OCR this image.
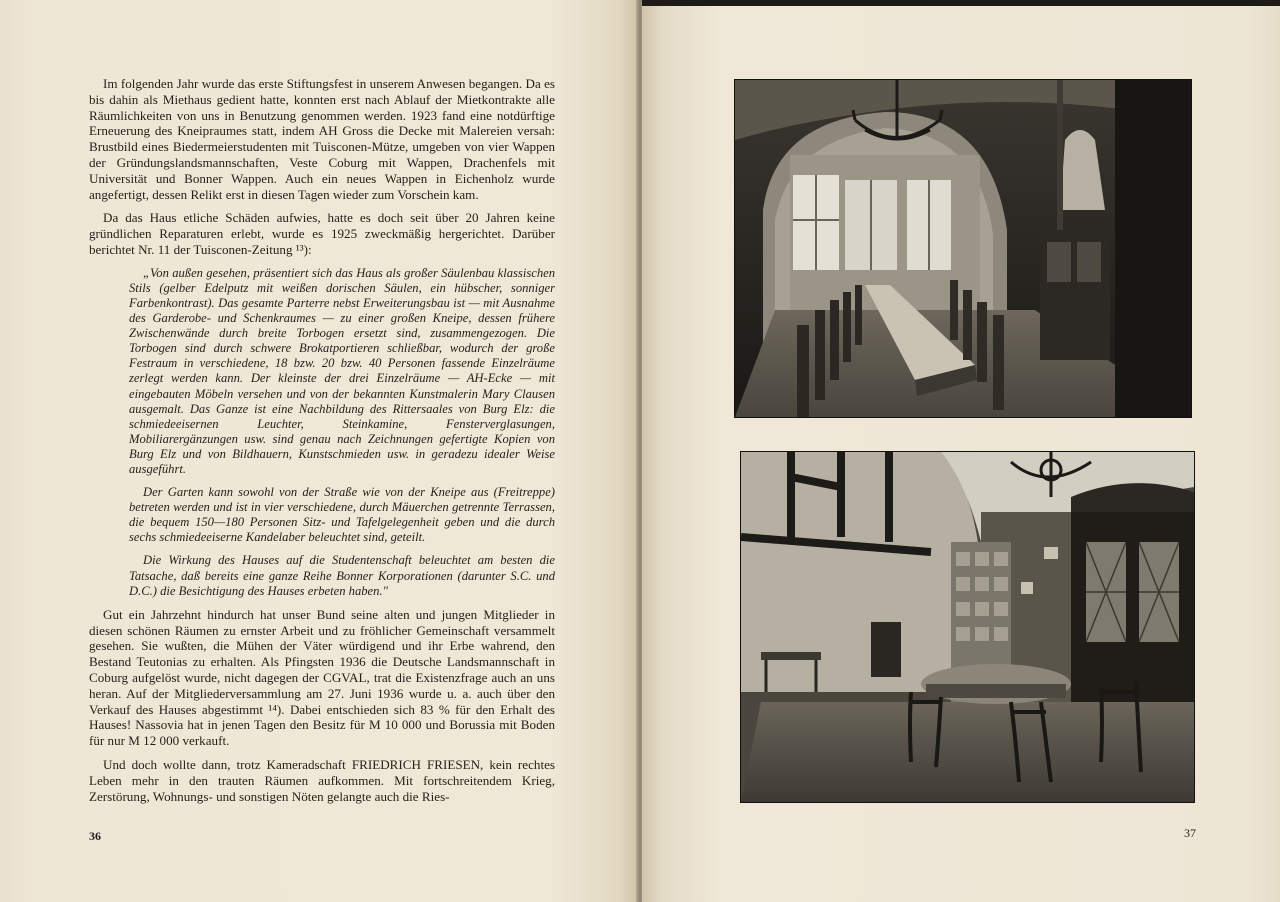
Im folgenden Jahr wurde das erste Stiftungsfest in unserem Anwesen begangen. Da es bis dahin als Miethaus gedient hatte, konnten erst nach Ablauf der Mietkontrakte alle Räumlichkeiten von uns in Benutzung genommen werden. 1923 fand eine notdürftige Erneuerung des Kneipraumes statt, indem AH Gross die Decke mit Malereien versah: Brustbild eines Biedermeierstudenten mit Tuisconen-Mütze, umgeben von vier Wappen der Gründungslandsmannschaften, Veste Coburg mit Wappen, Drachenfels mit Universität und Bonner Wappen. Auch ein neues Wappen in Eichenholz wurde angefertigt, dessen Relikt erst in diesen Tagen wieder zum Vorschein kam.

Da das Haus etliche Schäden aufwies, hatte es doch seit über 20 Jahren keine gründlichen Reparaturen erlebt, wurde es 1925 zweckmäßig hergerichtet. Darüber berichtet Nr. 11 der Tuisconen-Zeitung ¹³):

„Von außen gesehen, präsentiert sich das Haus als großer Säulenbau klassischen Stils (gelber Edelputz mit weißen dorischen Säulen, ein hübscher, sonniger Farbenkontrast). Das gesamte Parterre nebst Erweiterungsbau ist — mit Ausnahme des Garderobe- und Schenkraumes — zu einer großen Kneipe, dessen frühere Zwischenwände durch breite Torbogen ersetzt sind, zusammengezogen. Die Torbogen sind durch schwere Brokatportieren schließbar, wodurch der große Festraum in verschiedene, 18 bzw. 20 bzw. 40 Personen fassende Einzelräume zerlegt werden kann. Der kleinste der drei Einzelräume — AH-Ecke — mit eingebauten Möbeln versehen und von der bekannten Kunstmalerin Mary Clausen ausgemalt. Das Ganze ist eine Nachbildung des Rittersaales von Burg Elz: die schmiedeeisernen Leuchter, Steinkamine, Fensterverglasungen, Mobiliarergänzungen usw. sind genau nach Zeichnungen gefertigte Kopien von Burg Elz und von Bildhauern, Kunstschmieden usw. in geradezu idealer Weise ausgeführt.

Der Garten kann sowohl von der Straße wie von der Kneipe aus (Freitreppe) betreten werden und ist in vier verschiedene, durch Mäuerchen getrennte Terrassen, die bequem 150—180 Personen Sitz- und Tafelgelegenheit geben und die durch sechs schmiedeeiserne Kandelaber beleuchtet sind, geteilt.

Die Wirkung des Hauses auf die Studentenschaft beleuchtet am besten die Tatsache, daß bereits eine ganze Reihe Bonner Korporationen (darunter S.C. und D.C.) die Besichtigung des Hauses erbeten haben."

Gut ein Jahrzehnt hindurch hat unser Bund seine alten und jungen Mitglieder in diesen schönen Räumen zu ernster Arbeit und zu fröhlicher Gemeinschaft versammelt gesehen. Sie wußten, die Mühen der Väter würdigend und ihr Erbe wahrend, den Bestand Teutonias zu erhalten. Als Pfingsten 1936 die Deutsche Landsmannschaft in Coburg aufgelöst wurde, nicht dagegen der CGVAL, trat die Existenzfrage auch an uns heran. Auf der Mitgliederversammlung am 27. Juni 1936 wurde u. a. auch über den Verkauf des Hauses abgestimmt ¹⁴). Dabei entschieden sich 83 % für den Erhalt des Hauses! Nassovia hat in jenen Tagen den Besitz für M 10 000 und Borussia mit Boden für nur M 12 000 verkauft.

Und doch wollte dann, trotz Kameradschaft FRIEDRICH FRIESEN, kein rechtes Leben mehr in den trauten Räumen aufkommen. Mit fortschreitendem Krieg, Zerstörung, Wohnungs- und sonstigen Nöten gelangte auch die Ries-

36	37
